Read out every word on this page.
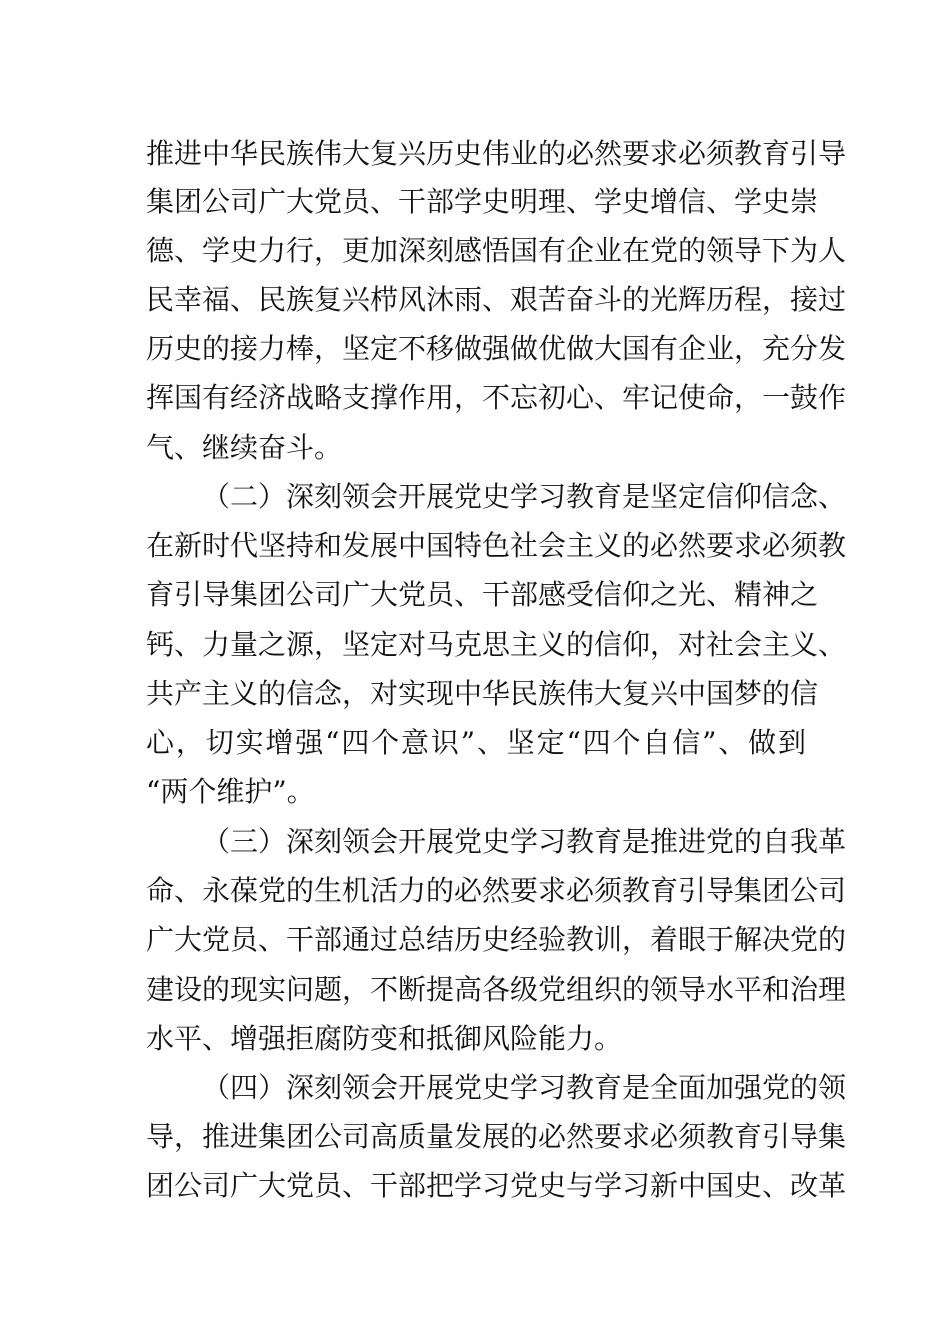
推进中华民族伟大复兴历史伟业的必然要求必须教育引导
集团公司广大党员、干部学史明理、学史增信、学史崇
德、学史力行，更加深刻感悟国有企业在党的领导下为人
民幸福、民族复兴栉风沐雨、艰苦奋斗的光辉历程，接过
历史的接力棒，坚定不移做强做优做大国有企业，充分发
挥国有经济战略支撑作用，不忘初心、牢记使命，一鼓作
气、继续奋斗。
（二）深刻领会开展党史学习教育是坚定信仰信念、
在新时代坚持和发展中国特色社会主义的必然要求必须教
育引导集团公司广大党员、干部感受信仰之光、精神之
钙、力量之源，坚定对马克思主义的信仰，对社会主义、
共产主义的信念，对实现中华民族伟大复兴中国梦的信
心，切实增强“四个意识”、坚定“四个自信”、做到
“两个维护”。
（三）深刻领会开展党史学习教育是推进党的自我革
命、永葆党的生机活力的必然要求必须教育引导集团公司
广大党员、干部通过总结历史经验教训，着眼于解决党的
建设的现实问题，不断提高各级党组织的领导水平和治理
水平、增强拒腐防变和抵御风险能力。
（四）深刻领会开展党史学习教育是全面加强党的领
导，推进集团公司高质量发展的必然要求必须教育引导集
团公司广大党员、干部把学习党史与学习新中国史、改革
